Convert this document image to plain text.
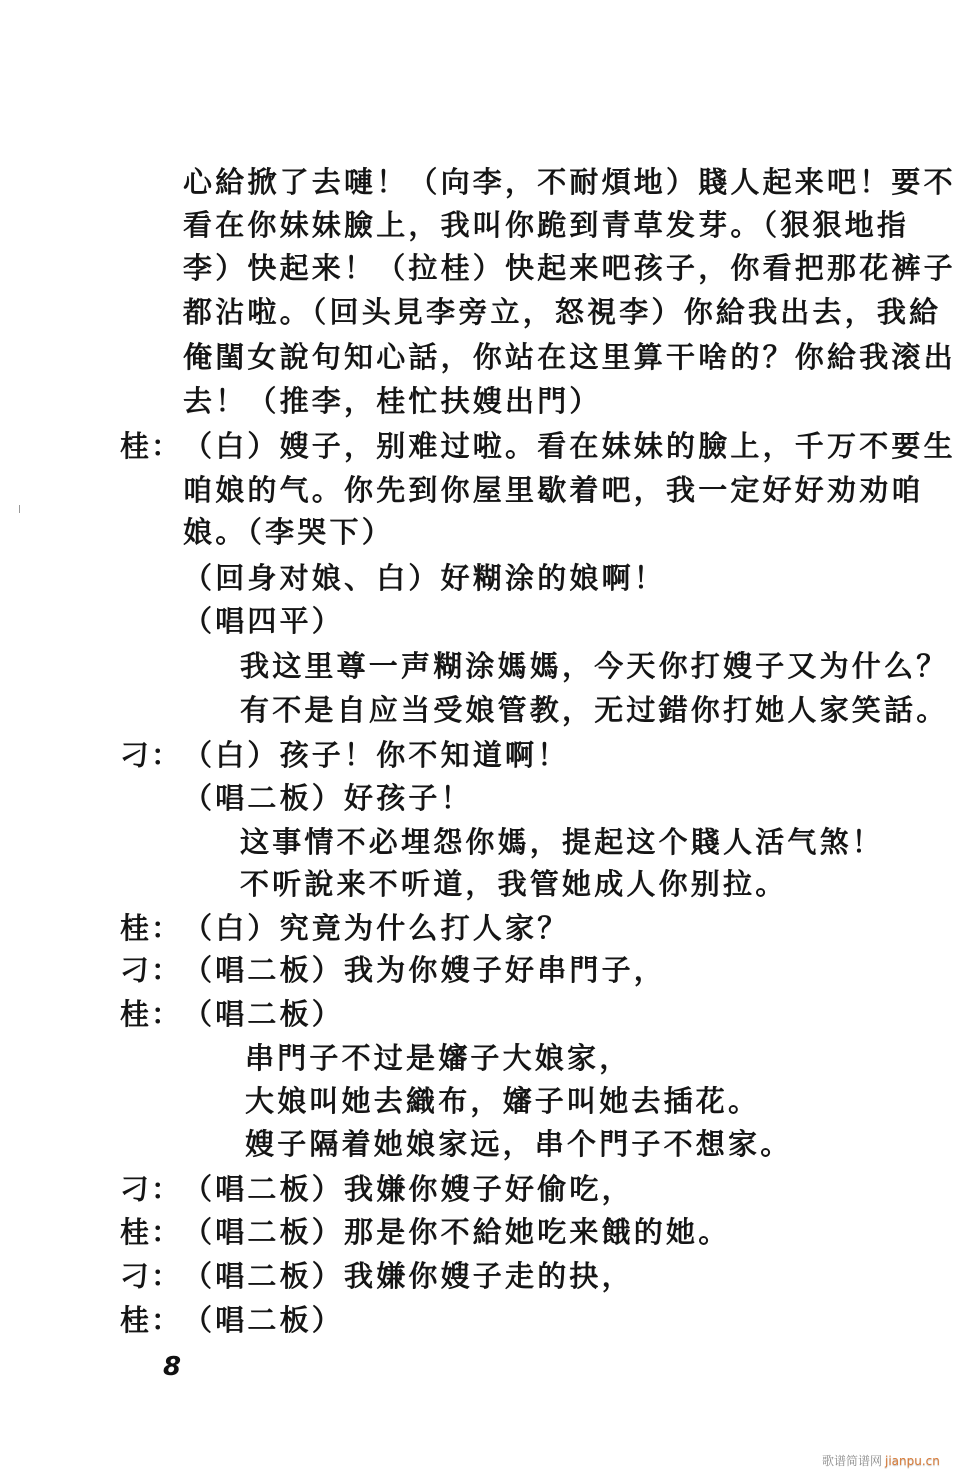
心給掀了去嗹！（向李，不耐煩地）賤人起来吧！要不
看在你妹妹臉上，我叫你跪到青草发芽。（狠狠地指
李）快起来！（拉桂）快起来吧孩子，你看把那花裤子
都沾啦。（回头見李旁立，怒視李）你給我出去，我給
俺閨女說句知心話，你站在这里算干啥的？你給我滚出
去！（推李，桂忙扶嫂出門）
桂： （白）嫂子，别难过啦。看在妹妹的臉上，千万不要生
咱娘的气。你先到你屋里歇着吧，我一定好好劝劝咱
娘。（李哭下）
（回身对娘、白）好糊涂的娘啊！
（唱四平）
我这里尊一声糊涂媽媽，今天你打嫂子又为什么？
有不是自应当受娘管教，无过錯你打她人家笑話。
刁： （白）孩子！你不知道啊！
（唱二板）好孩子！
这事情不必埋怨你媽，提起这个賤人活气煞！
不听說来不听道，我管她成人你别拉。
桂： （白）究竟为什么打人家？
刁： （唱二板）我为你嫂子好串門子，
桂： （唱二板）
串門子不过是嬸子大娘家，
大娘叫她去織布，嬸子叫她去插花。
嫂子隔着她娘家远，串个門子不想家。
刁： （唱二板）我嫌你嫂子好偷吃，
桂： （唱二板）那是你不給她吃来餓的她。
刁： （唱二板）我嫌你嫂子走的抉，
桂： （唱二板）
8
歌谱简谱网 jianpu.cn
